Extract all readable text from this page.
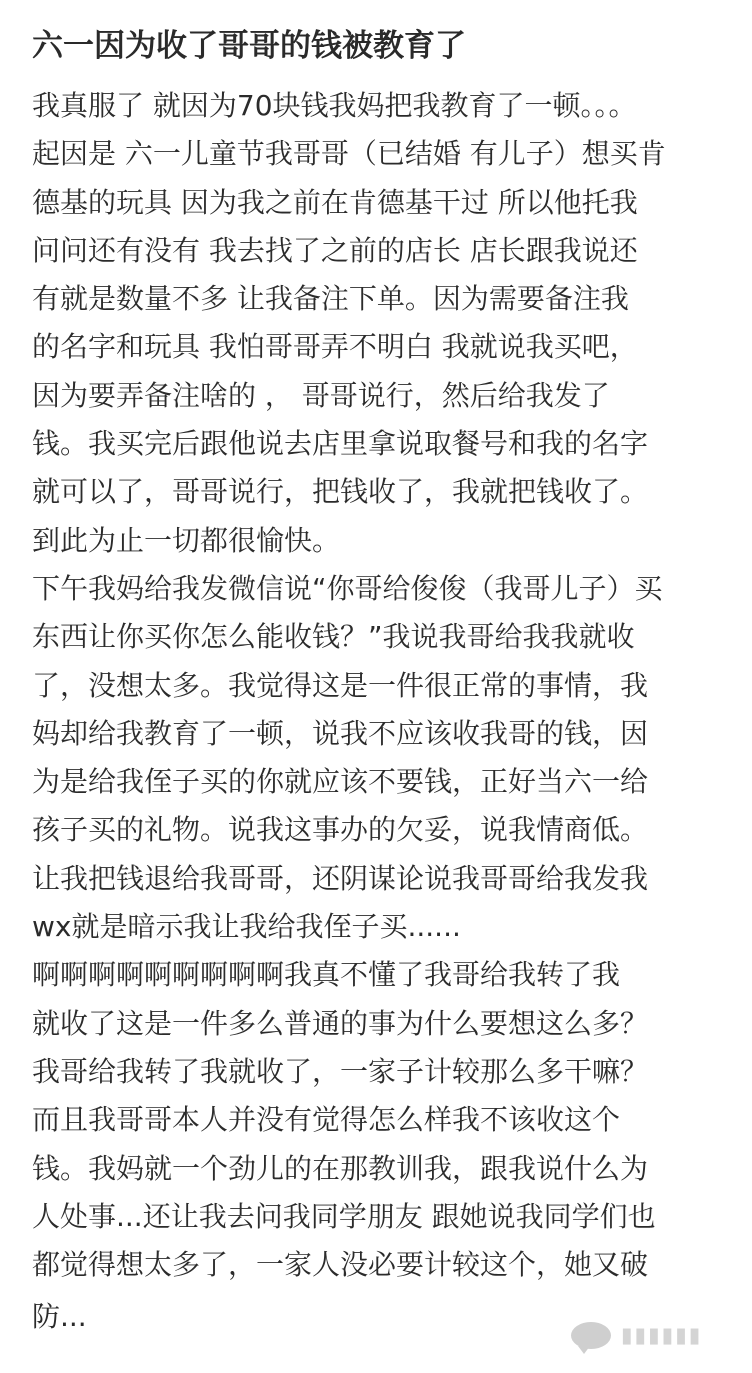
六一因为收了哥哥的钱被教育了
我真服了 就因为70块钱我妈把我教育了一顿。。。
起因是 六一儿童节我哥哥（已结婚 有儿子）想买肯
德基的玩具 因为我之前在肯德基干过 所以他托我
问问还有没有 我去找了之前的店长 店长跟我说还
有就是数量不多 让我备注下单。因为需要备注我
的名字和玩具 我怕哥哥弄不明白 我就说我买吧，
因为要弄备注啥的 ， 哥哥说行，然后给我发了
钱。我买完后跟他说去店里拿说取餐号和我的名字
就可以了，哥哥说行，把钱收了，我就把钱收了。
到此为止一切都很愉快。
下午我妈给我发微信说“你哥给俊俊（我哥儿子）买
东西让你买你怎么能收钱？”我说我哥给我我就收
了，没想太多。我觉得这是一件很正常的事情，我
妈却给我教育了一顿，说我不应该收我哥的钱，因
为是给我侄子买的你就应该不要钱，正好当六一给
孩子买的礼物。说我这事办的欠妥，说我情商低。
让我把钱退给我哥哥，还阴谋论说我哥哥给我发我
wx就是暗示我让我给我侄子买......
啊啊啊啊啊啊啊啊啊我真不懂了我哥给我转了我
就收了这是一件多么普通的事为什么要想这么多？
我哥给我转了我就收了，一家子计较那么多干嘛？
而且我哥哥本人并没有觉得怎么样我不该收这个
钱。我妈就一个劲儿的在那教训我，跟我说什么为
人处事...还让我去问我同学朋友 跟她说我同学们也
都觉得想太多了，一家人没必要计较这个，她又破
防...
▮▮▮▮▮▮
